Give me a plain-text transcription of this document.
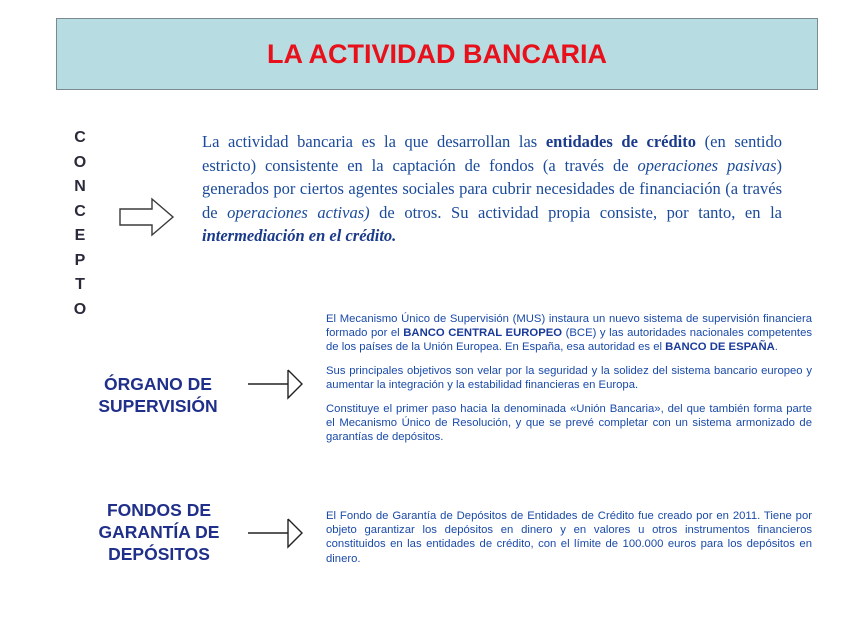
LA ACTIVIDAD BANCARIA
C
O
N
C
E
P
T
O
La actividad bancaria es la que desarrollan las entidades de crédito (en sentido estricto) consistente en la captación de fondos (a través de operaciones pasivas) generados por ciertos agentes sociales para cubrir necesidades de financiación (a través de operaciones activas) de otros. Su actividad propia consiste, por tanto, en la intermediación en el crédito.
ÓRGANO DE
SUPERVISIÓN

El Mecanismo Único de Supervisión (MUS) instaura un nuevo sistema de supervisión financiera formado por el BANCO CENTRAL EUROPEO (BCE) y las autoridades nacionales competentes de los países de la Unión Europea. En España, esa autoridad es el BANCO DE ESPAÑA.

Sus principales objetivos son velar por la seguridad y la solidez del sistema bancario europeo y aumentar la integración y la estabilidad financieras en Europa.

Constituye el primer paso hacia la denominada «Unión Bancaria», del que también forma parte el Mecanismo Único de Resolución, y que se prevé completar con un sistema armonizado de garantías de depósitos.

FONDOS DE
GARANTÍA DE
DEPÓSITOS

El Fondo de Garantía de Depósitos de Entidades de Crédito fue creado por en 2011. Tiene por objeto garantizar los depósitos en dinero y en valores u otros instrumentos financieros constituidos en las entidades de crédito, con el límite de 100.000 euros para los depósitos en dinero.
